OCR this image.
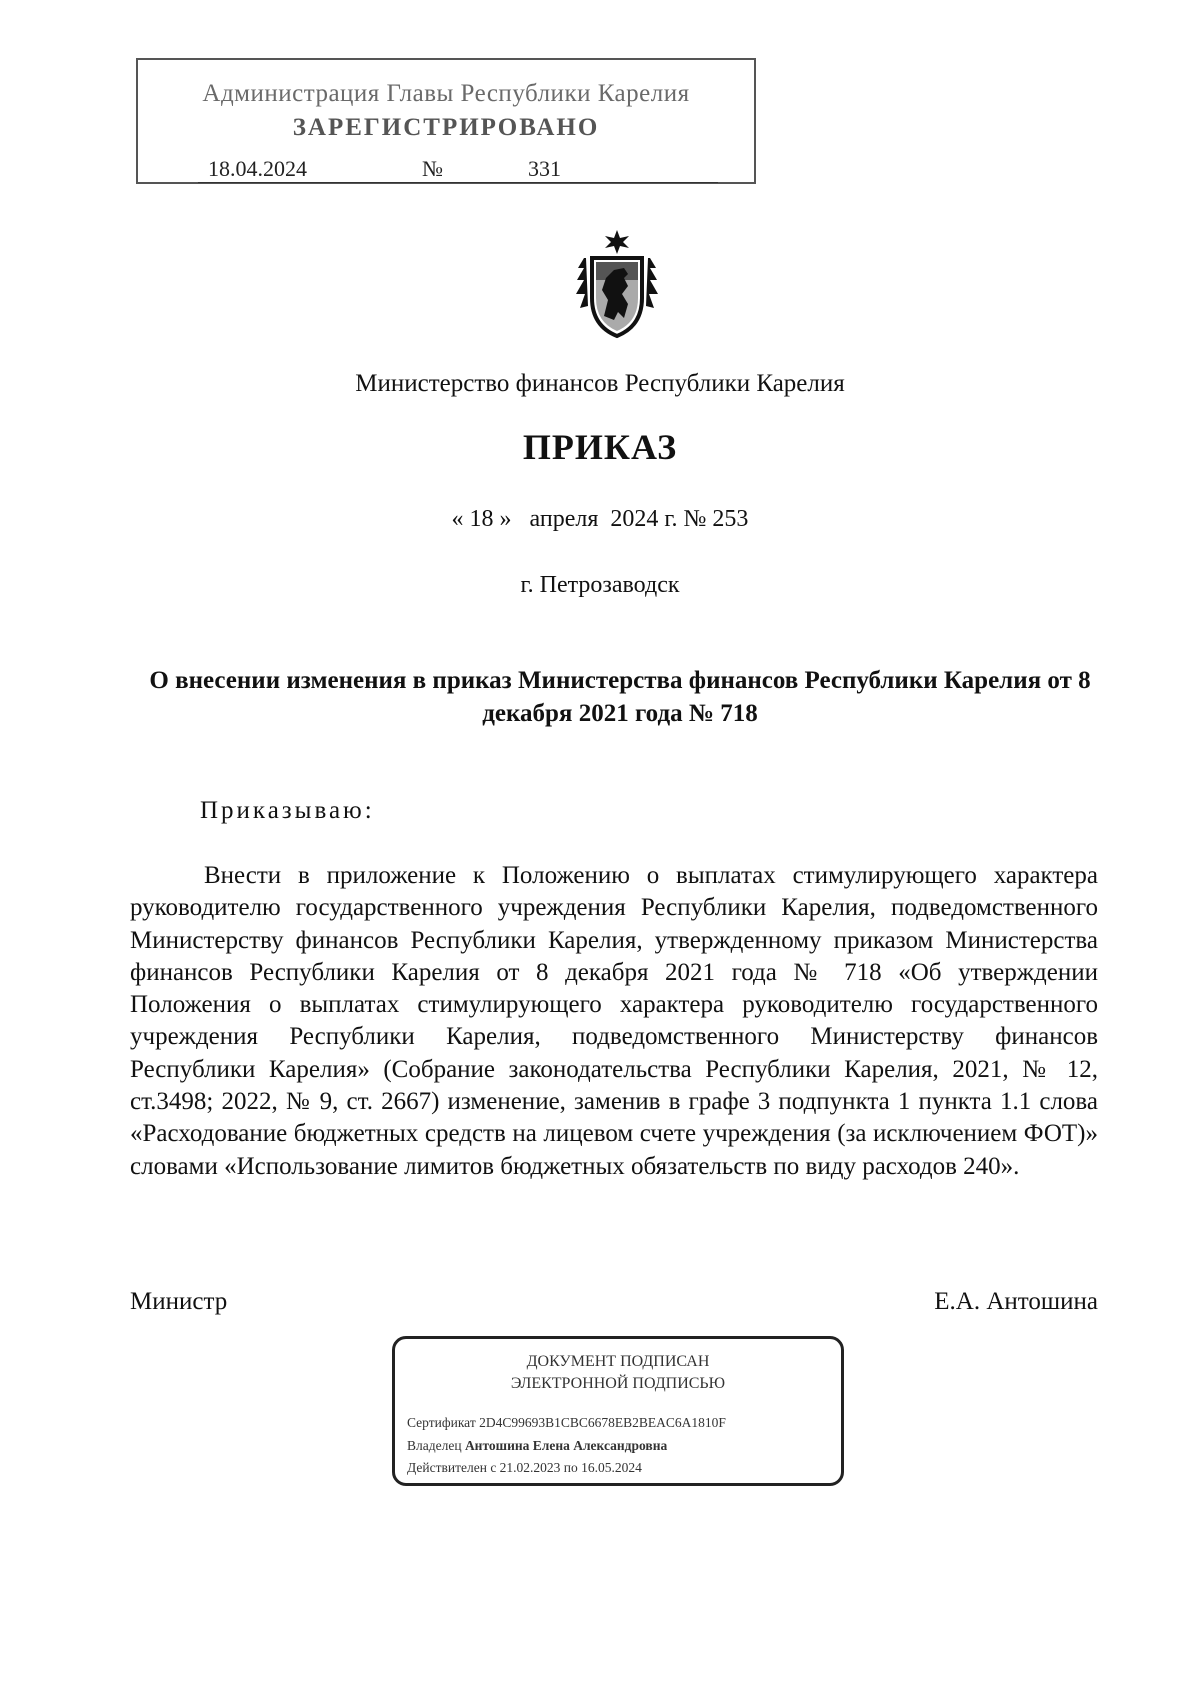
Администрация Главы Республики Карелия
ЗАРЕГИСТРИРОВАНО
18.04.2024	№	331
Министерство финансов Республики Карелия
ПРИКАЗ
« 18 »   апреля  2024 г. № 253
г. Петрозаводск
О внесении изменения в приказ Министерства финансов Республики Карелия от 8 декабря 2021 года № 718
Приказываю:
Внести в приложение к Положению о выплатах стимулирующего характера руководителю государственного учреждения Республики Карелия, подведомственного Министерству финансов Республики Карелия, утвержденному приказом Министерства финансов Республики Карелия от 8 декабря 2021 года № 718 «Об утверждении Положения о выплатах стимулирующего характера руководителю государственного учреждения Республики Карелия, подведомственного Министерству финансов Республики Карелия» (Собрание законодательства Республики Карелия, 2021, № 12, ст.3498; 2022, № 9, ст. 2667) изменение, заменив в графе 3 подпункта 1 пункта 1.1 слова «Расходование бюджетных средств на лицевом счете учреждения (за исключением ФОТ)» словами «Использование лимитов бюджетных обязательств по виду расходов 240».
Министр	Е.А. Антошина
ДОКУМЕНТ ПОДПИСАН
ЭЛЕКТРОННОЙ ПОДПИСЬЮ
Сертификат 2D4C99693B1CBC6678EB2BEAC6A1810F
Владелец Антошина Елена Александровна
Действителен с 21.02.2023 по 16.05.2024
